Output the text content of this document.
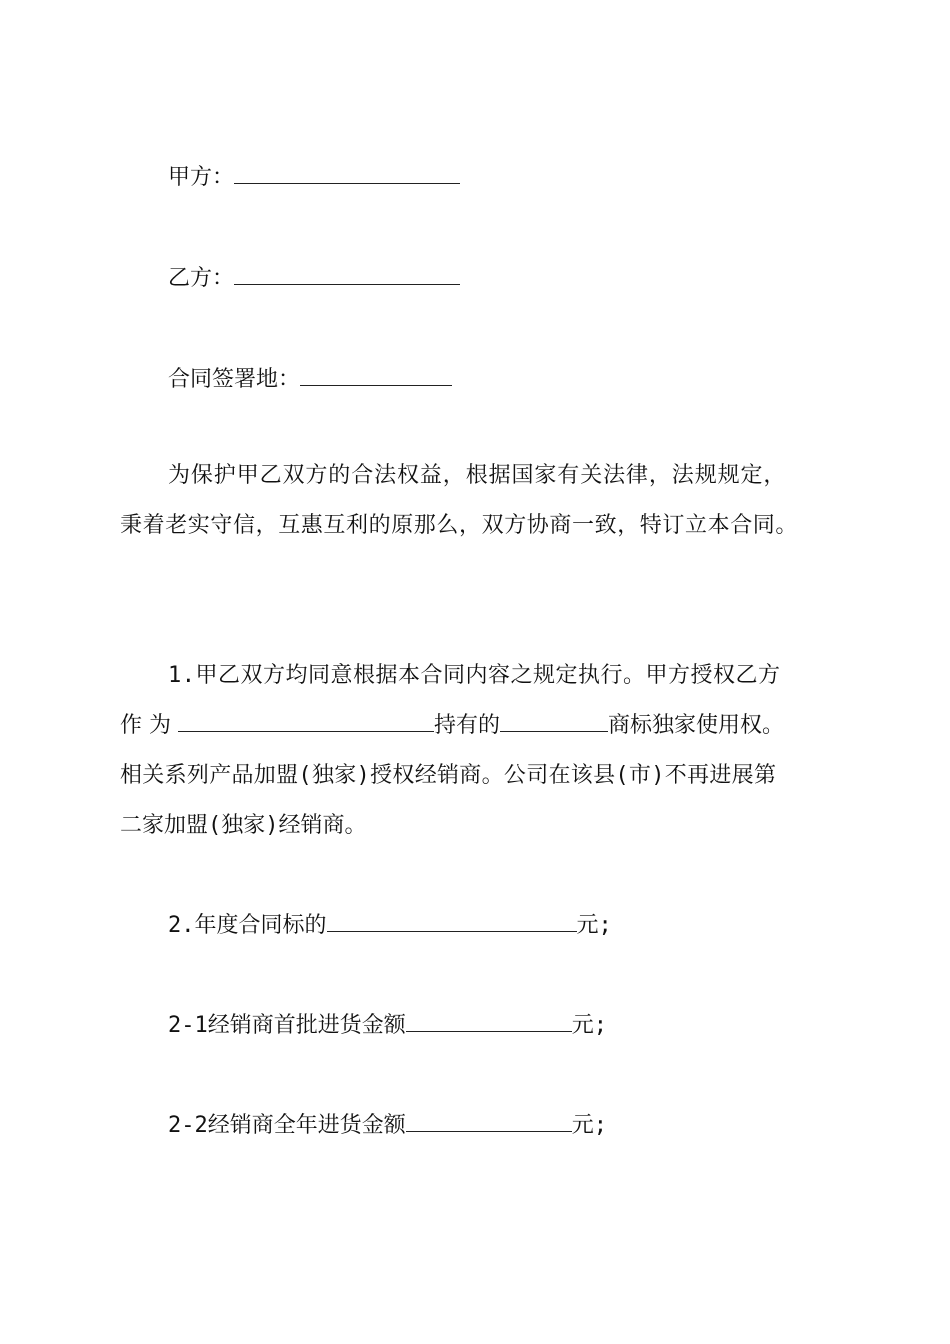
甲方：
乙方：
合同签署地：
为保护甲乙双方的合法权益，根据国家有关法律，法规规定，
秉着老实守信，互惠互利的原那么，双方协商一致，特订立本合同。
1.甲乙双方均同意根据本合同内容之规定执行。甲方授权乙方
作为	持有的	商标独家使用权。
相关系列产品加盟(独家)授权经销商。公司在该县(市)不再进展第
二家加盟(独家)经销商。
2.年度合同标的	元;
2-1经销商首批进货金额	元;
2-2经销商全年进货金额	元;
